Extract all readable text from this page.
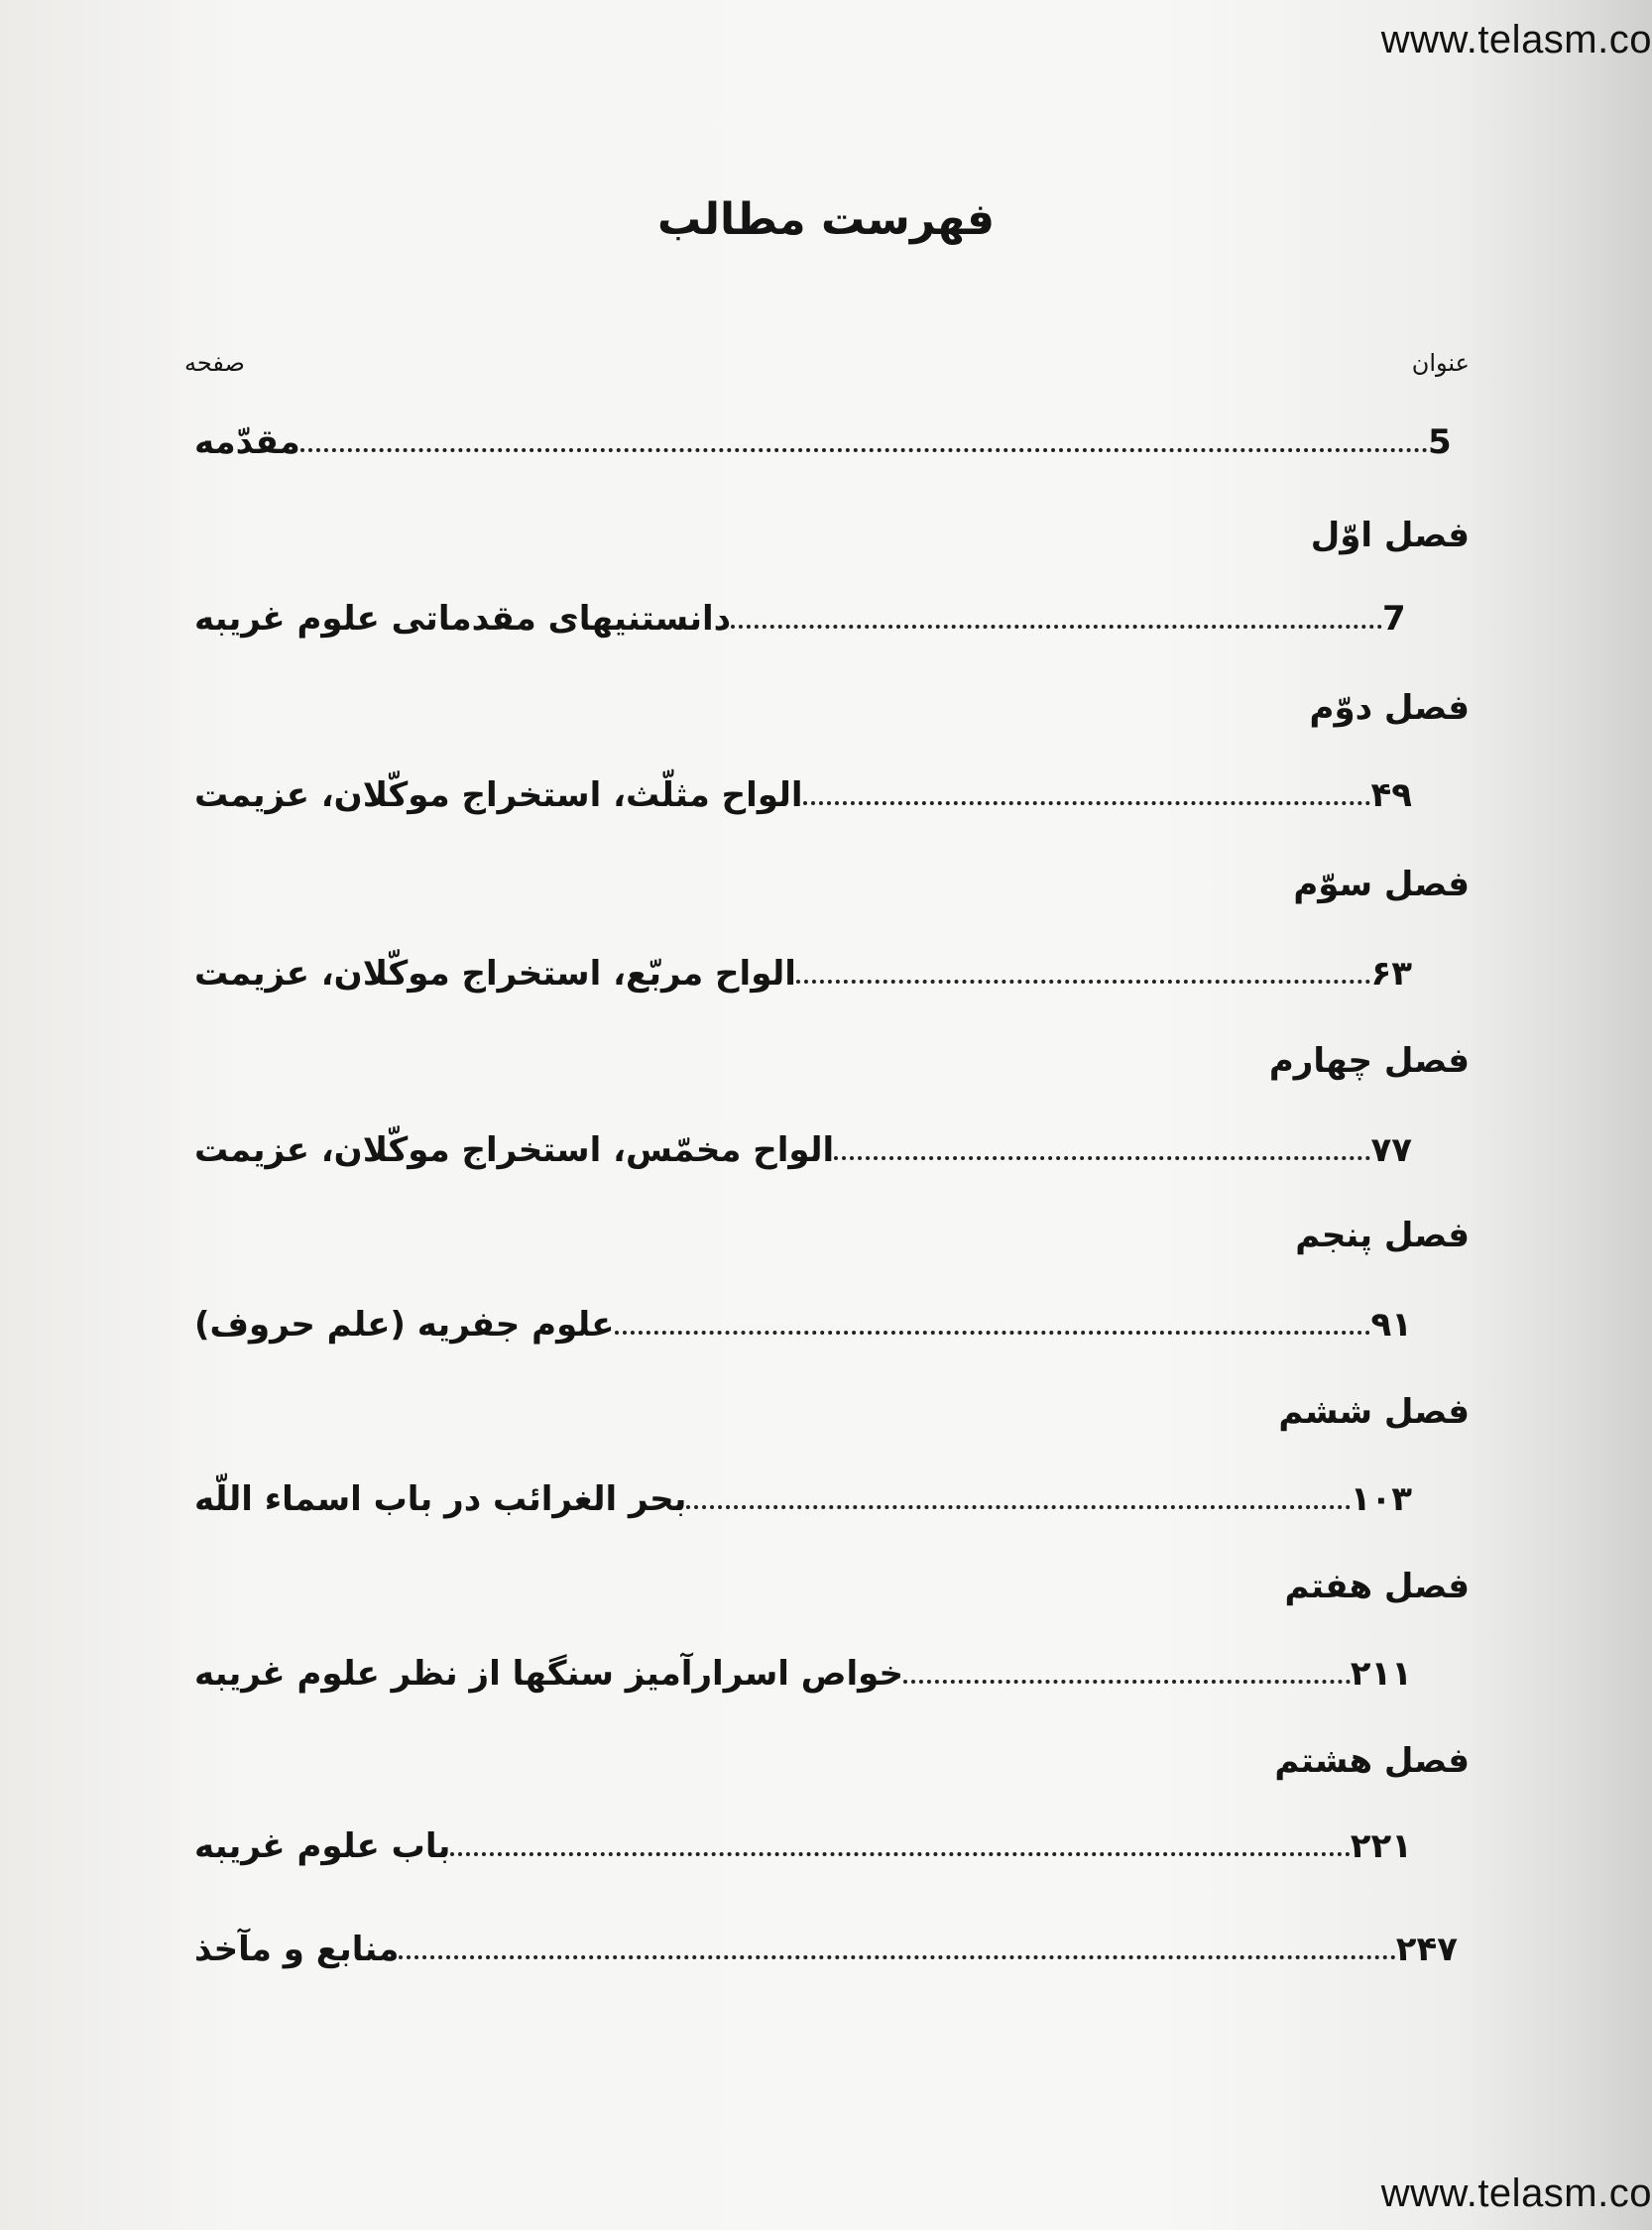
www.telasm.co
www.telasm.co
فهرست مطالب
عنوان
صفحه
مقدّمه	5
فصل اوّل
دانستنیهای مقدماتی علوم غریبه	7
فصل دوّم
الواح مثلّث، استخراج موکّلان، عزیمت	۴۹
فصل سوّم
الواح مربّع، استخراج موکّلان، عزیمت	۶۳
فصل چهارم
الواح مخمّس، استخراج موکّلان، عزیمت	۷۷
فصل پنجم
علوم جفریه (علم حروف)	۹۱
فصل ششم
بحر الغرائب در باب اسماء اللّه	۱۰۳
فصل هفتم
خواص اسرارآمیز سنگها از نظر علوم غریبه	۲۱۱
فصل هشتم
باب علوم غریبه	۲۲۱
منابع و مآخذ	۲۴۷
